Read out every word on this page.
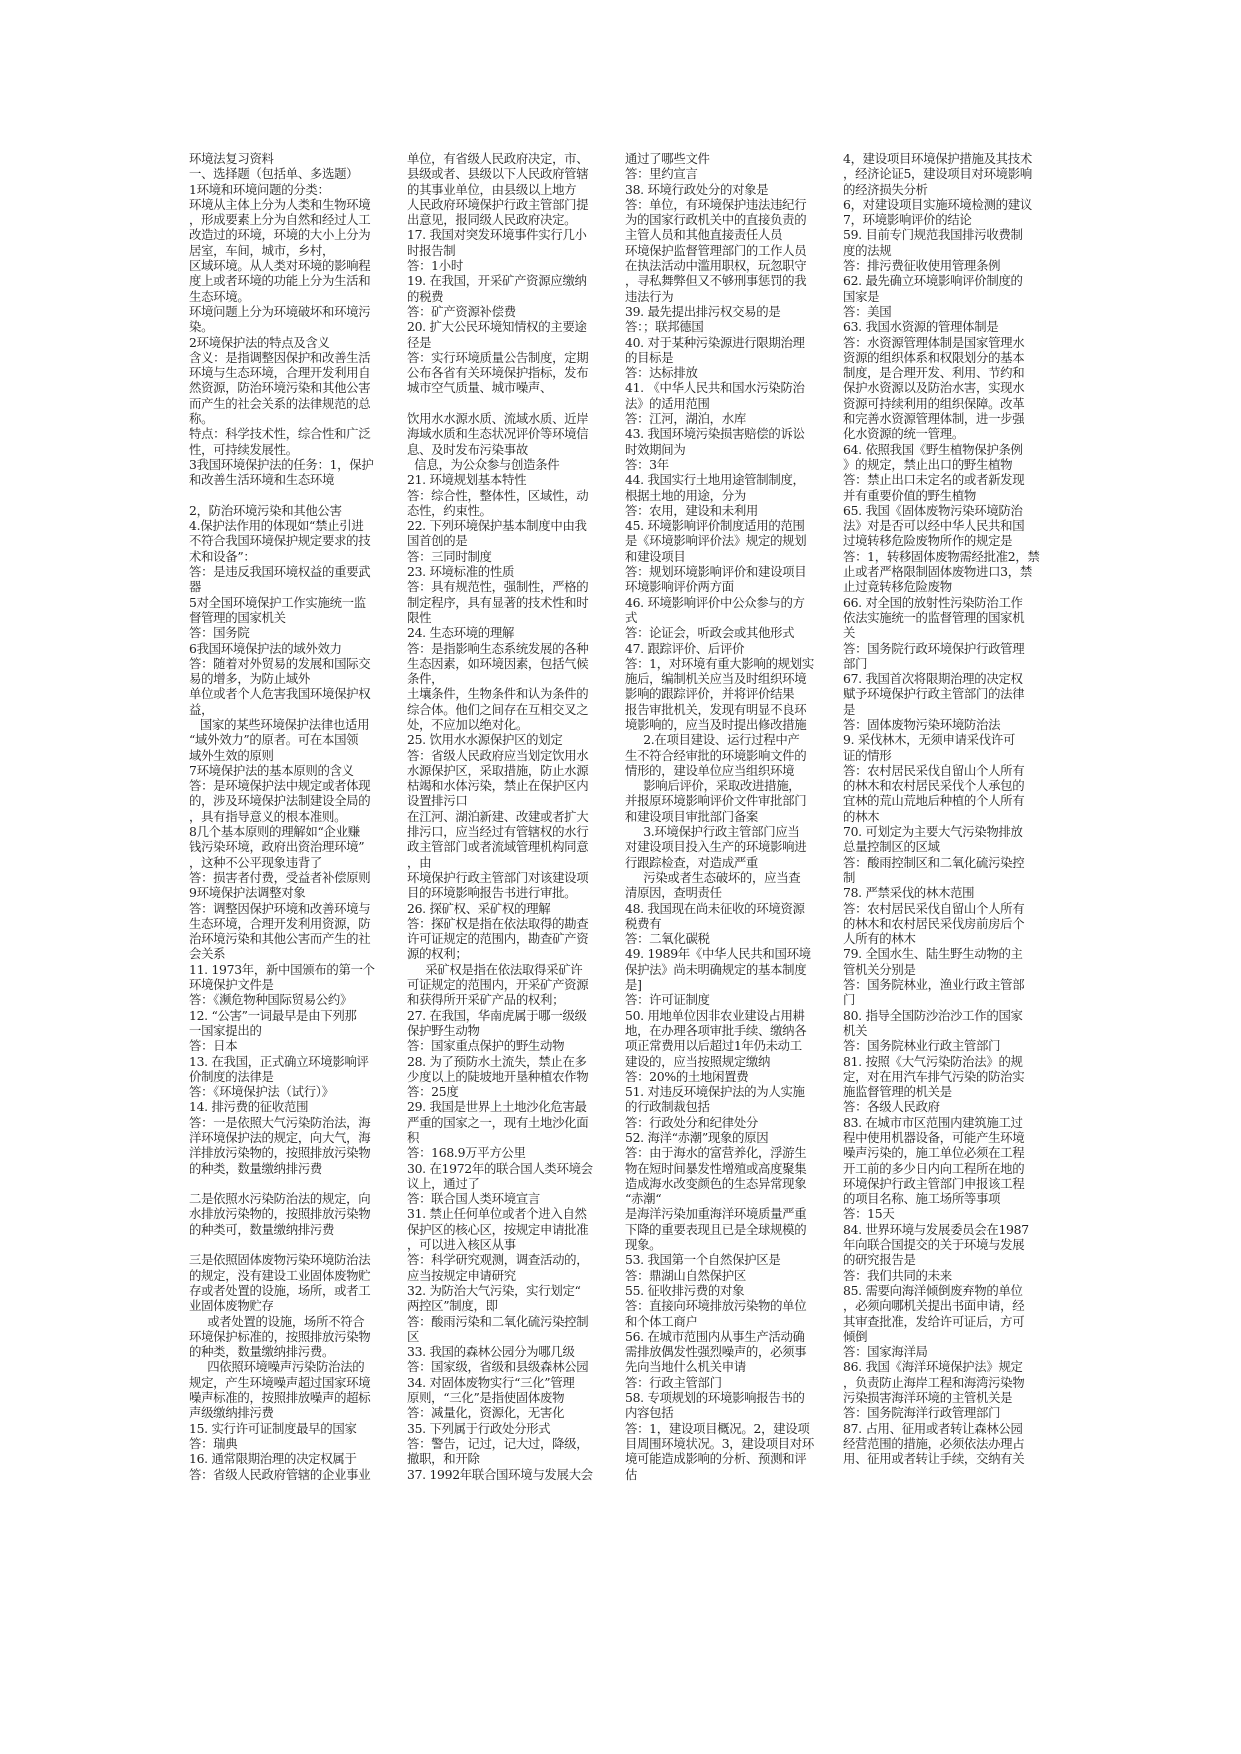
环境法复习资料
一、选择题（包括单、多选题）
1环境和环境问题的分类：
环境从主体上分为人类和生物环境
，形成要素上分为自然和经过人工
改造过的环境，环境的大小上分为
居室，车间，城市，乡村，
区域环境。从人类对环境的影响程
度上或者环境的功能上分为生活和
生态环境。
环境问题上分为环境破坏和环境污
染。
2环境保护法的特点及含义
含义：是指调整因保护和改善生活
环境与生态环境，合理开发利用自
然资源，防治环境污染和其他公害
而产生的社会关系的法律规范的总
称。
特点：科学技术性，综合性和广泛
性，可持续发展性。
3我国环境保护法的任务：1，保护
和改善生活环境和生态环境
2，防治环境污染和其他公害
4.保护法作用的体现如“禁止引进
不符合我国环境保护规定要求的技
术和设备”：
答：是违反我国环境权益的重要武
器
5对全国环境保护工作实施统一监
督管理的国家机关
答：国务院
6我国环境保护法的域外效力
答：随着对外贸易的发展和国际交
易的增多，为防止域外
单位或者个人危害我国环境保护权
益，
国家的某些环境保护法律也适用
“域外效力”的原者。可在本国领
域外生效的原则
7环境保护法的基本原则的含义
答：是环境保护法中规定或者体现
的，涉及环境保护法制建设全局的
，具有指导意义的根本准则。
8几个基本原则的理解如“企业赚
钱污染环境，政府出资治理环境”
，这种不公平现象违背了
答：损害者付费，受益者补偿原则
9环境保护法调整对象
答：调整因保护环境和改善环境与
生态环境，合理开发利用资源，防
治环境污染和其他公害而产生的社
会关系
11. 1973年，新中国颁布的第一个
环境保护文件是
答：《濒危物种国际贸易公约》
12. “公害”一词最早是由下列那
一国家提出的
答：日本
13. 在我国，正式确立环境影响评
价制度的法律是
答：《环境保护法（试行）》
14. 排污费的征收范围
答：一是依照大气污染防治法，海
洋环境保护法的规定，向大气，海
洋排放污染物的，按照排放污染物
的种类，数量缴纳排污费
二是依照水污染防治法的规定，向
水排放污染物的，按照排放污染物
的种类可，数量缴纳排污费
三是依照固体废物污染环境防治法
的规定，没有建设工业固体废物贮
存或者处置的设施，场所，或者工
业固体废物贮存
或者处置的设施，场所不符合
环境保护标准的，按照排放污染物
的种类，数量缴纳排污费。
四依照环境噪声污染防治法的
规定，产生环境噪声超过国家环境
噪声标准的，按照排放噪声的超标
声级缴纳排污费
15. 实行许可证制度最早的国家
答：瑞典
16. 通常限期治理的决定权属于
答：省级人民政府管辖的企业事业
单位，有省级人民政府决定，市、
县级或者、县级以下人民政府管辖
的其事业单位，由县级以上地方
人民政府环境保护行政主管部门提
出意见，报同级人民政府决定。
17. 我国对突发环境事件实行几小
时报告制
答：1小时
19. 在我国，开采矿产资源应缴纳
的税费
答：矿产资源补偿费
20. 扩大公民环境知情权的主要途
径是
答：实行环境质量公告制度，定期
公布各省有关环境保护指标，发布
城市空气质量、城市噪声、
饮用水水源水质、流域水质、近岸
海域水质和生态状况评价等环境信
息、及时发布污染事故
信息，为公众参与创造条件
21. 环境规划基本特性
答：综合性，整体性，区域性，动
态性，约束性。
22. 下列环境保护基本制度中由我
国首创的是
答：三同时制度
23. 环境标准的性质
答：具有规范性，强制性，严格的
制定程序，具有显著的技术性和时
限性
24. 生态环境的理解
答：是指影响生态系统发展的各种
生态因素，如环境因素，包括气候
条件，
土壤条件，生物条件和认为条件的
综合体。他们之间存在互相交叉之
处，不应加以绝对化。
25. 饮用水水源保护区的划定
答：省级人民政府应当划定饮用水
水源保护区，采取措施，防止水源
枯竭和水体污染，禁止在保护区内
设置排污口
在江河、湖泊新建、改建或者扩大
排污口，应当经过有管辖权的水行
政主管部门或者流域管理机构同意
，由
环境保护行政主管部门对该建设项
目的环境影响报告书进行审批。
26. 探矿权、采矿权的理解
答：探矿权是指在依法取得的勘查
许可证规定的范围内，勘查矿产资
源的权利；
采矿权是指在依法取得采矿许
可证规定的范围内，开采矿产资源
和获得所开采矿产品的权利；
27. 在我国，华南虎属于哪一级级
保护野生动物
答：国家重点保护的野生动物
28. 为了预防水土流失，禁止在多
少度以上的陡坡地开垦种植农作物
答：25度
29. 我国是世界上土地沙化危害最
严重的国家之一，现有土地沙化面
积
答：168.9万平方公里
30. 在1972年的联合国人类环境会
议上，通过了
答：联合国人类环境宣言
31. 禁止任何单位或者个进入自然
保护区的核心区，按规定申请批准
，可以进入核区从事
答：科学研究观测，调查活动的，
应当按规定申请研究
32. 为防治大气污染，实行划定“
两控区”制度，即
答：酸雨污染和二氧化硫污染控制
区
33. 我国的森林公园分为哪几级
答：国家级，省级和县级森林公园
34. 对固体废物实行“三化”管理
原则，“三化”是指使固体废物
答：减量化，资源化，无害化
35. 下列属于行政处分形式
答：警告，记过，记大过，降级，
撤职，和开除
37. 1992年联合国环境与发展大会
通过了哪些文件
答：里约宣言
38. 环境行政处分的对象是
答：单位，有环境保护违法违纪行
为的国家行政机关中的直接负责的
主管人员和其他直接责任人员
环境保护监督管理部门的工作人员
在执法活动中滥用职权，玩忽职守
，寻私舞弊但又不够刑事惩罚的我
违法行为
39. 最先提出排污权交易的是
答：；联邦德国
40. 对于某种污染源进行限期治理
的目标是
答：达标排放
41. 《中华人民共和国水污染防治
法》的适用范围
答：江河，湖泊，水库
43. 我国环境污染损害赔偿的诉讼
时效期间为
答：3年
44. 我国实行土地用途管制制度，
根据土地的用途，分为
答：农用，建设和未利用
45. 环境影响评价制度适用的范围
是《环境影响评价法》规定的规划
和建设项目
答：规划环境影响评价和建设项目
环境影响评价两方面
46. 环境影响评价中公众参与的方
式
答：论证会，听政会或其他形式
47. 跟踪评价、后评价
答：1，对环境有重大影响的规划实
施后，编制机关应当及时组织环境
影响的跟踪评价，并将评价结果
报告审批机关，发现有明显不良环
境影响的，应当及时提出修改措施
2.在项目建设、运行过程中产
生不符合经审批的环境影响文件的
情形的，建设单位应当组织环境
影响后评价，采取改进措施，
并报原环境影响评价文件审批部门
和建设项目审批部门备案
3.环境保护行政主管部门应当
对建设项目投入生产的环境影响进
行跟踪检查，对造成严重
污染或者生态破坏的，应当查
清原因，查明责任
48. 我国现在尚未征收的环境资源
税费有
答：二氧化碳税
49. 1989年《中华人民共和国环境
保护法》尚未明确规定的基本制度
是]
答：许可证制度
50. 用地单位因非农业建设占用耕
地，在办理各项审批手续、缴纳各
项正常费用以后超过1年仍未动工
建设的，应当按照规定缴纳
答：20%的土地闲置费
51. 对违反环境保护法的为人实施
的行政制裁包括
答：行政处分和纪律处分
52. 海洋“赤潮”现象的原因
答：由于海水的富营养化，浮游生
物在短时间暴发性增殖或高度聚集
造成海水改变颜色的生态异常现象
“赤潮“
是海洋污染加重海洋环境质量严重
下降的重要表现且已是全球规模的
现象。
53. 我国第一个自然保护区是
答：鼎湖山自然保护区
55. 征收排污费的对象
答：直接向环境排放污染物的单位
和个体工商户
56. 在城市范围内从事生产活动确
需排放偶发性强烈噪声的，必须事
先向当地什么机关申请
答：行政主管部门
58. 专项规划的环境影响报告书的
内容包括
答：1，建设项目概况。2，建设项
目周围环境状况。3，建设项目对环
境可能造成影响的分析、预测和评
估
4，建设项目环境保护措施及其技术
，经济论证5，建设项目对环境影响
的经济损失分析
6，对建设项目实施环境检测的建议
7，环境影响评价的结论
59. 目前专门规范我国排污收费制
度的法规
答：排污费征收使用管理条例
62. 最先确立环境影响评价制度的
国家是
答：美国
63. 我国水资源的管理体制是
答：水资源管理体制是国家管理水
资源的组织体系和权限划分的基本
制度，是合理开发、利用、节约和
保护水资源以及防治水害，实现水
资源可持续利用的组织保障。改革
和完善水资源管理体制，进一步强
化水资源的统一管理。
64. 依照我国《野生植物保护条例
》的规定，禁止出口的野生植物
答：禁止出口未定名的或者新发现
并有重要价值的野生植物
65. 我国《固体废物污染环境防治
法》对是否可以经中华人民共和国
过境转移危险废物所作的规定是
答：1，转移固体废物需经批准2，禁
止或者严格限制固体废物进口3，禁
止过竟转移危险废物
66. 对全国的放射性污染防治工作
依法实施统一的监督管理的国家机
关
答：国务院行政环境保护行政管理
部门
67. 我国首次将限期治理的决定权
赋予环境保护行政主管部门的法律
是
答：固体废物污染环境防治法
9. 采伐林木，无须申请采伐许可
证的情形
答：农村居民采伐自留山个人所有
的林木和农村居民采伐个人承包的
宜林的荒山荒地后种植的个人所有
的林木
70. 可划定为主要大气污染物排放
总量控制区的区域
答：酸雨控制区和二氧化硫污染控
制
78. 严禁采伐的林木范围
答：农村居民采伐自留山个人所有
的林木和农村居民采伐房前房后个
人所有的林木
79. 全国水生、陆生野生动物的主
管机关分别是
答：国务院林业，渔业行政主管部
门
80. 指导全国防沙治沙工作的国家
机关
答：国务院林业行政主管部门
81. 按照《大气污染防治法》的规
定，对在用汽车排气污染的防治实
施监督管理的机关是
答：各级人民政府
83. 在城市市区范围内建筑施工过
程中使用机器设备，可能产生环境
噪声污染的，施工单位必须在工程
开工前的多少日内向工程所在地的
环境保护行政主管部门申报该工程
的项目名称、施工场所等事项
答：15天
84. 世界环境与发展委员会在1987
年向联合国提交的关于环境与发展
的研究报告是
答：我们共同的未来
85. 需要向海洋倾倒废弃物的单位
，必须向哪机关提出书面申请，经
其审查批准，发给许可证后，方可
倾倒
答：国家海洋局
86. 我国《海洋环境保护法》规定
，负责防止海岸工程和海湾污染物
污染损害海洋环境的主管机关是
答：国务院海洋行政管理部门
87. 占用、征用或者转让森林公园
经营范围的措施，必须依法办理占
用、征用或者转让手续，交纳有关
